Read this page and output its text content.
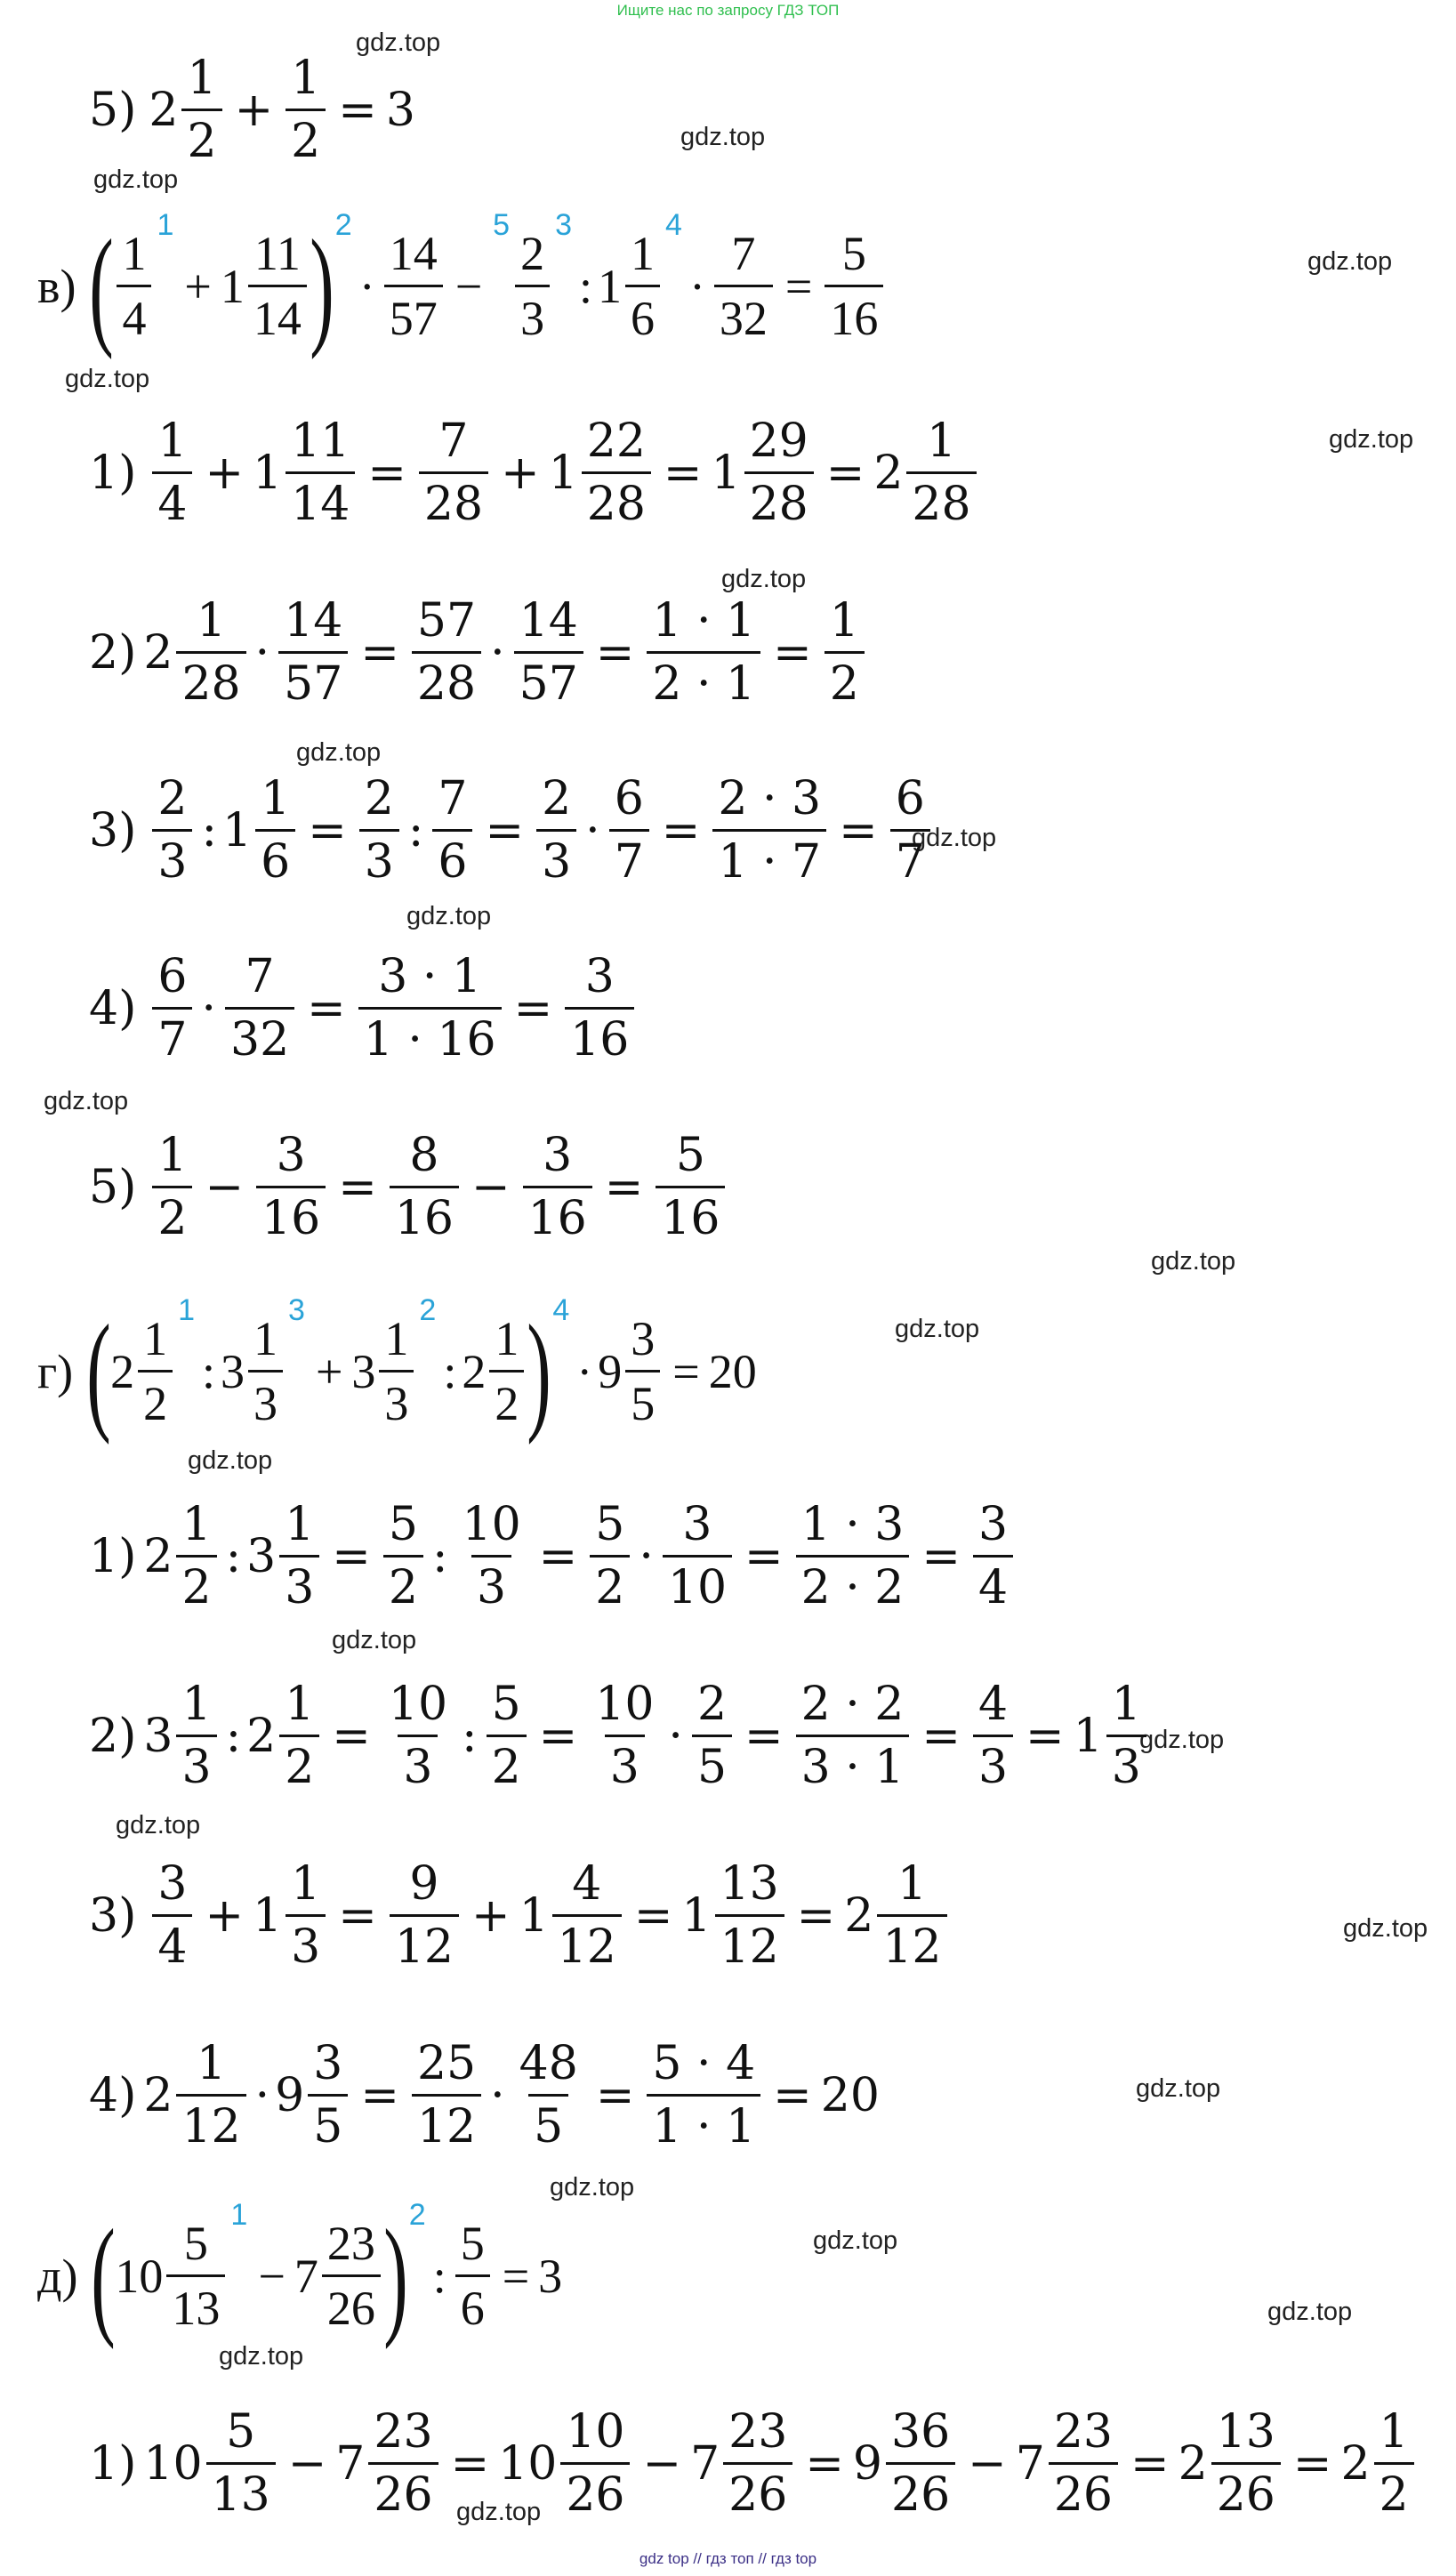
Ищите нас по запросу ГДЗ ТОП
gdz.top
gdz.top
gdz.top
gdz.top
gdz.top
gdz.top
gdz.top
gdz.top
gdz.top
gdz.top
gdz.top
gdz.top
gdz.top
gdz.top
gdz.top
gdz.top
gdz.top
gdz.top
gdz.top
gdz.top
gdz.top
gdz.top
gdz.top
gdz.top
5) $2 \frac{1}{2} + \frac{1}{2} = 3$
в) ( $\frac{1}{4}$
1
+ $1 \frac{11}{14}$ ) 2
· $\frac{14}{57}$ −
5
$\frac{2}{3}$
3
: $1 \frac{1}{6}$
4
· $\frac{7}{32} = \frac{5}{16}$
$1) \frac{1}{4} + 1 \frac{11}{14} = \frac{7}{28} + 1 \frac{22}{28} = 1 \frac{29}{28} = 2 \frac{1}{28}$
2) $2 \frac{1}{28} \cdot \frac{14}{57} = \frac{57}{28} \cdot \frac{14}{57} = \frac{1 \cdot 1}{2 \cdot 1} = \frac{1}{2}$
$3) \frac{2}{3}$ : $1 \frac{1}{6} = \frac{2}{3}$ : $\frac{7}{6} = \frac{2}{3} \cdot \frac{6}{7} = \frac{2 \cdot 3}{1 \cdot 7} = \frac{6}{7}$
$4) \frac{6}{7} \cdot \frac{7}{32} = \frac{3 \cdot 1}{1 \cdot 16} = \frac{3}{16}$
$5) \frac{1}{2} - \frac{3}{16} = \frac{8}{16} - \frac{3}{16} = \frac{5}{16}$
г) ( $2 \frac{1}{2}$
1
: $3 \frac{1}{3}$
3
+ $3 \frac{1}{3}$
2
: $2 \frac{1}{2}$ ) 4
· $9 \frac{3}{5} = 20$
1) $2 \frac{1}{2}$ : $3 \frac{1}{3} = \frac{5}{2}$ : $\frac{10}{3} = \frac{5}{2} \cdot \frac{3}{10} = \frac{1 \cdot 3}{2 \cdot 2} = \frac{3}{4}$
2) $3 \frac{1}{3}$ : $2 \frac{1}{2} = \frac{10}{3}$ : $\frac{5}{2} = \frac{10}{3} \cdot \frac{2}{5} = \frac{2 \cdot 2}{3 \cdot 1} = \frac{4}{3} = 1 \frac{1}{3}$
$3) \frac{3}{4} + 1 \frac{1}{3} = \frac{9}{12} + 1 \frac{4}{12} = 1 \frac{13}{12} = 2 \frac{1}{12}$
4) $2 \frac{1}{12} \cdot 9 \frac{3}{5} = \frac{25}{12} \cdot \frac{48}{5} = \frac{5 \cdot 4}{1 \cdot 1} = 20$
д) ( $10 \frac{5}{13}$
1
− $7 \frac{23}{26}$ ) 2
: $\frac{5}{6} = 3$
1) $10 \frac{5}{13} - 7 \frac{23}{26} = 10 \frac{10}{26} - 7 \frac{23}{26} = 9 \frac{36}{26} - 7 \frac{23}{26} = 2 \frac{13}{26} = 2 \frac{1}{2}$
gdz top // гдз топ // гдз top
